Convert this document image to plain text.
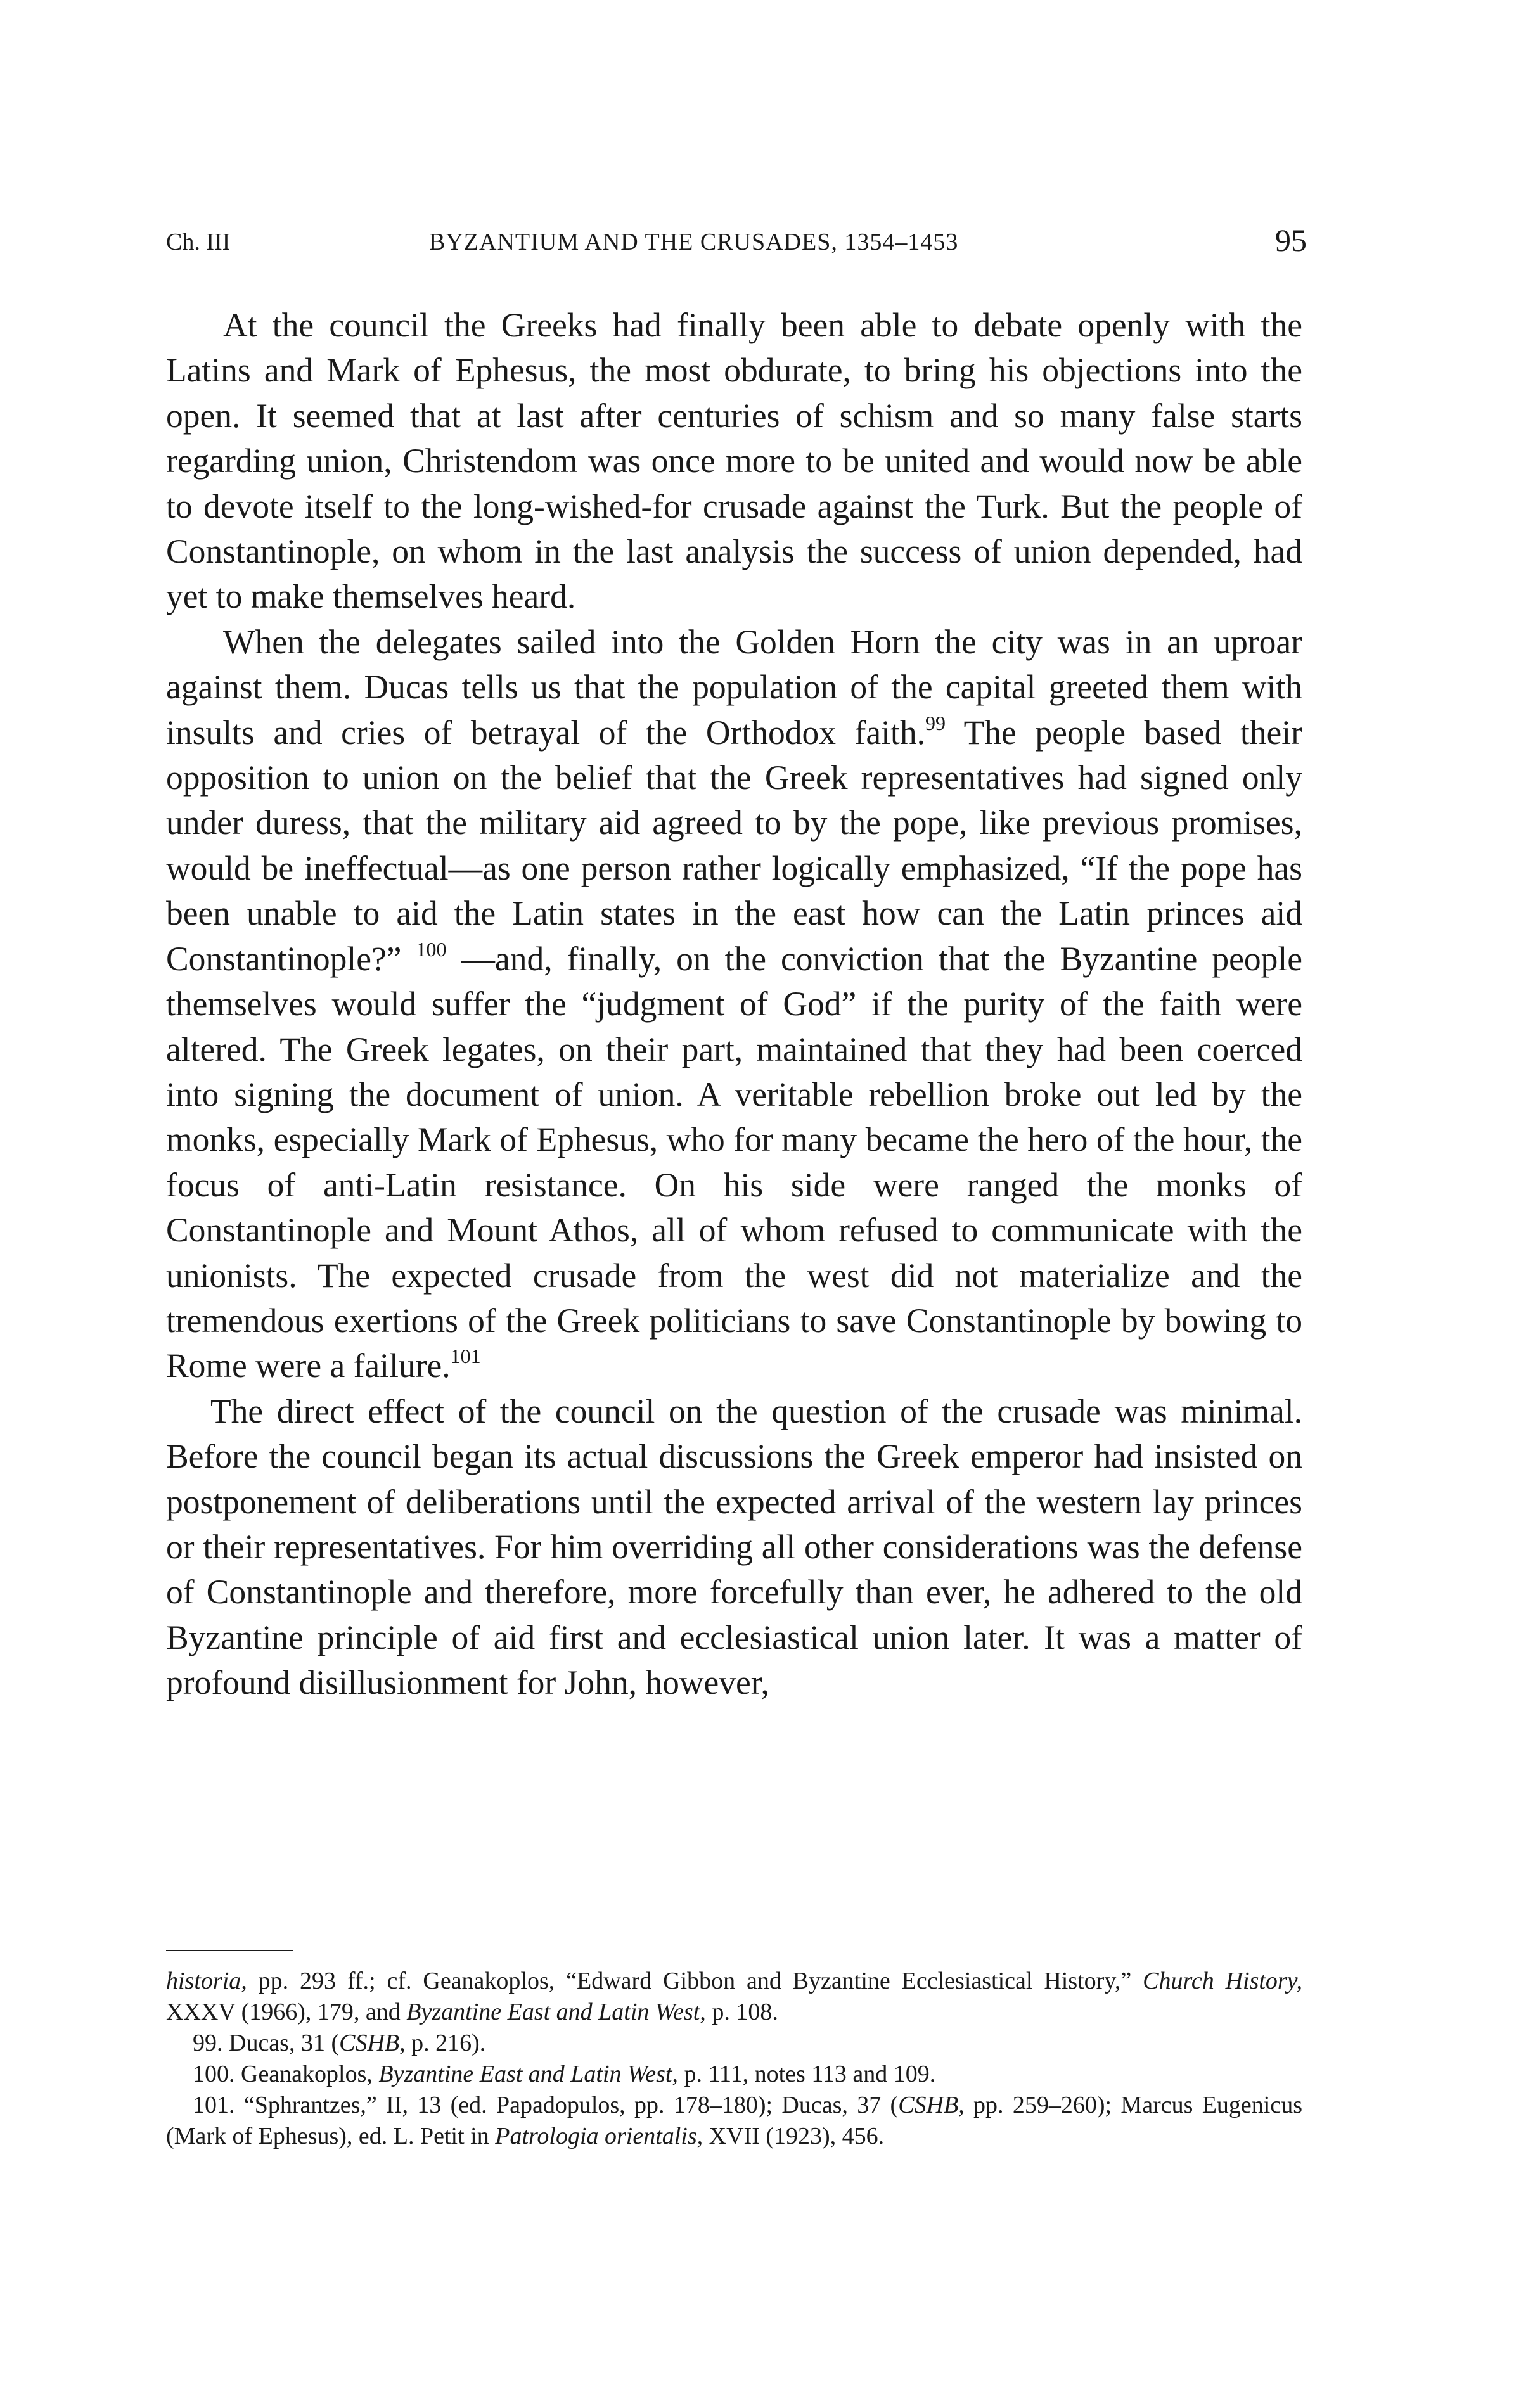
Ch. III	BYZANTIUM AND THE CRUSADES, 1354–1453	95

At the council the Greeks had finally been able to debate openly with the Latins and Mark of Ephesus, the most obdurate, to bring his objections into the open. It seemed that at last after centuries of schism and so many false starts regarding union, Christendom was once more to be united and would now be able to devote itself to the long-wished-for crusade against the Turk. But the people of Constantinople, on whom in the last analysis the success of union depended, had yet to make themselves heard.

When the delegates sailed into the Golden Horn the city was in an uproar against them. Ducas tells us that the population of the capital greeted them with insults and cries of betrayal of the Orthodox faith.$^{99}$ The people based their opposition to union on the belief that the Greek representatives had signed only under duress, that the military aid agreed to by the pope, like previous promises, would be ineffectual—as one person rather logically emphasized, “If the pope has been unable to aid the Latin states in the east how can the Latin princes aid Constantinople?” $^{100}$ —and, finally, on the conviction that the Byzantine people themselves would suffer the “judgment of God” if the purity of the faith were altered. The Greek legates, on their part, maintained that they had been coerced into signing the document of union. A veritable rebellion broke out led by the monks, especially Mark of Ephesus, who for many became the hero of the hour, the focus of anti-Latin resistance. On his side were ranged the monks of Constantinople and Mount Athos, all of whom refused to communicate with the unionists. The expected crusade from the west did not materialize and the tremendous exertions of the Greek politicians to save Constantinople by bowing to Rome were a failure.$^{101}$

The direct effect of the council on the question of the crusade was minimal. Before the council began its actual discussions the Greek emperor had insisted on postponement of deliberations until the expected arrival of the western lay princes or their representatives. For him overriding all other considerations was the defense of Constantinople and therefore, more forcefully than ever, he adhered to the old Byzantine principle of aid first and ecclesiastical union later. It was a matter of profound disillusionment for John, however,

historia, pp. 293 ff.; cf. Geanakoplos, “Edward Gibbon and Byzantine Ecclesiastical History,” Church History, XXXV (1966), 179, and Byzantine East and Latin West, p. 108.

99. Ducas, 31 (CSHB, p. 216).

100. Geanakoplos, Byzantine East and Latin West, p. 111, notes 113 and 109.

101. “Sphrantzes,” II, 13 (ed. Papadopulos, pp. 178–180); Ducas, 37 (CSHB, pp. 259–260); Marcus Eugenicus (Mark of Ephesus), ed. L. Petit in Patrologia orientalis, XVII (1923), 456.
